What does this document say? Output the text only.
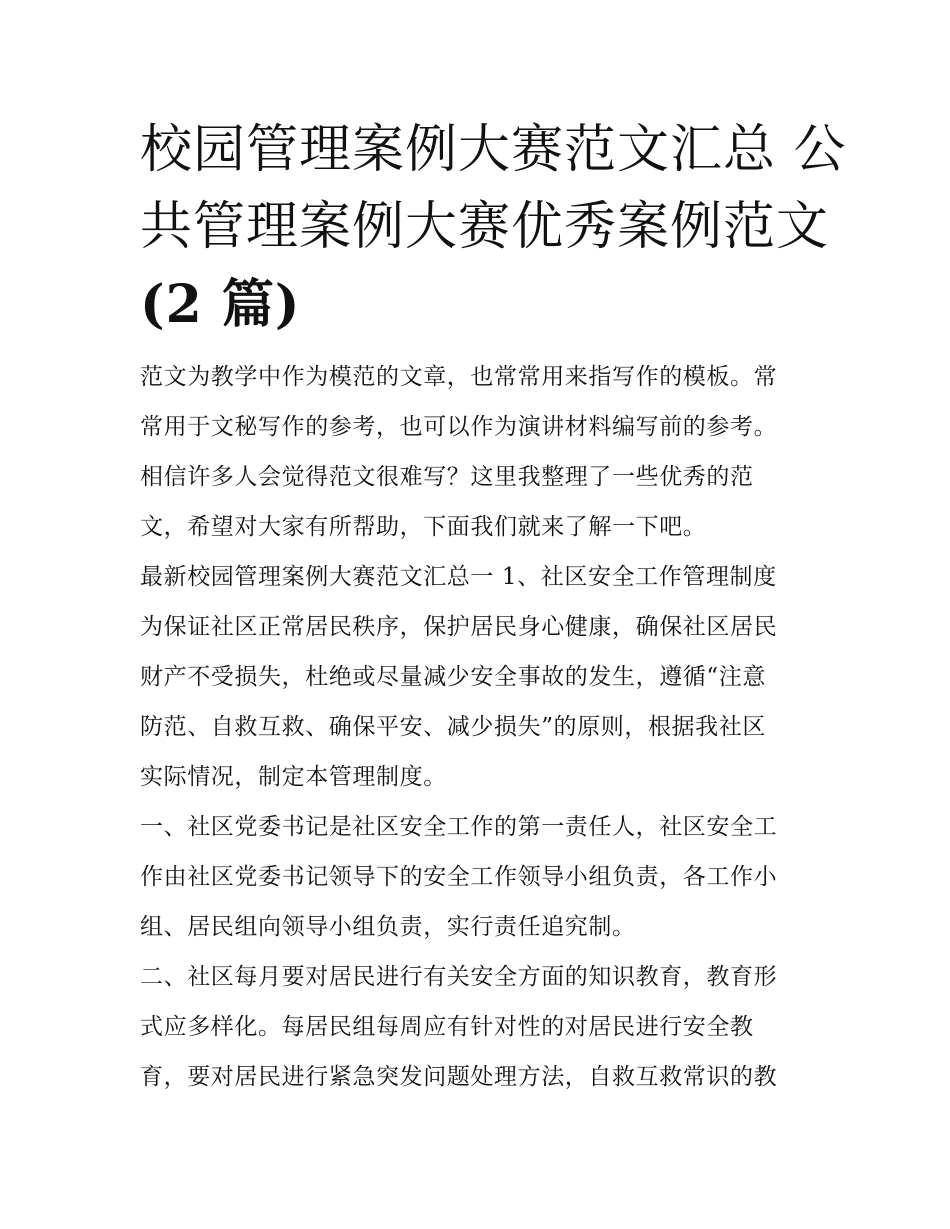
校园管理案例大赛范文汇总 公
共管理案例大赛优秀案例范文
(2 篇)

范文为教学中作为模范的文章，也常常用来指写作的模板。常
常用于文秘写作的参考，也可以作为演讲材料编写前的参考。
相信许多人会觉得范文很难写？这里我整理了一些优秀的范
文，希望对大家有所帮助，下面我们就来了解一下吧。

最新校园管理案例大赛范文汇总一 1、社区安全工作管理制度
为保证社区正常居民秩序，保护居民身心健康，确保社区居民
财产不受损失，杜绝或尽量减少安全事故的发生，遵循“注意
防范、自救互救、确保平安、减少损失”的原则，根据我社区
实际情况，制定本管理制度。

一、社区党委书记是社区安全工作的第一责任人，社区安全工
作由社区党委书记领导下的安全工作领导小组负责，各工作小
组、居民组向领导小组负责，实行责任追究制。

二、社区每月要对居民进行有关安全方面的知识教育，教育形
式应多样化。每居民组每周应有针对性的对居民进行安全教
育，要对居民进行紧急突发问题处理方法，自救互救常识的教
